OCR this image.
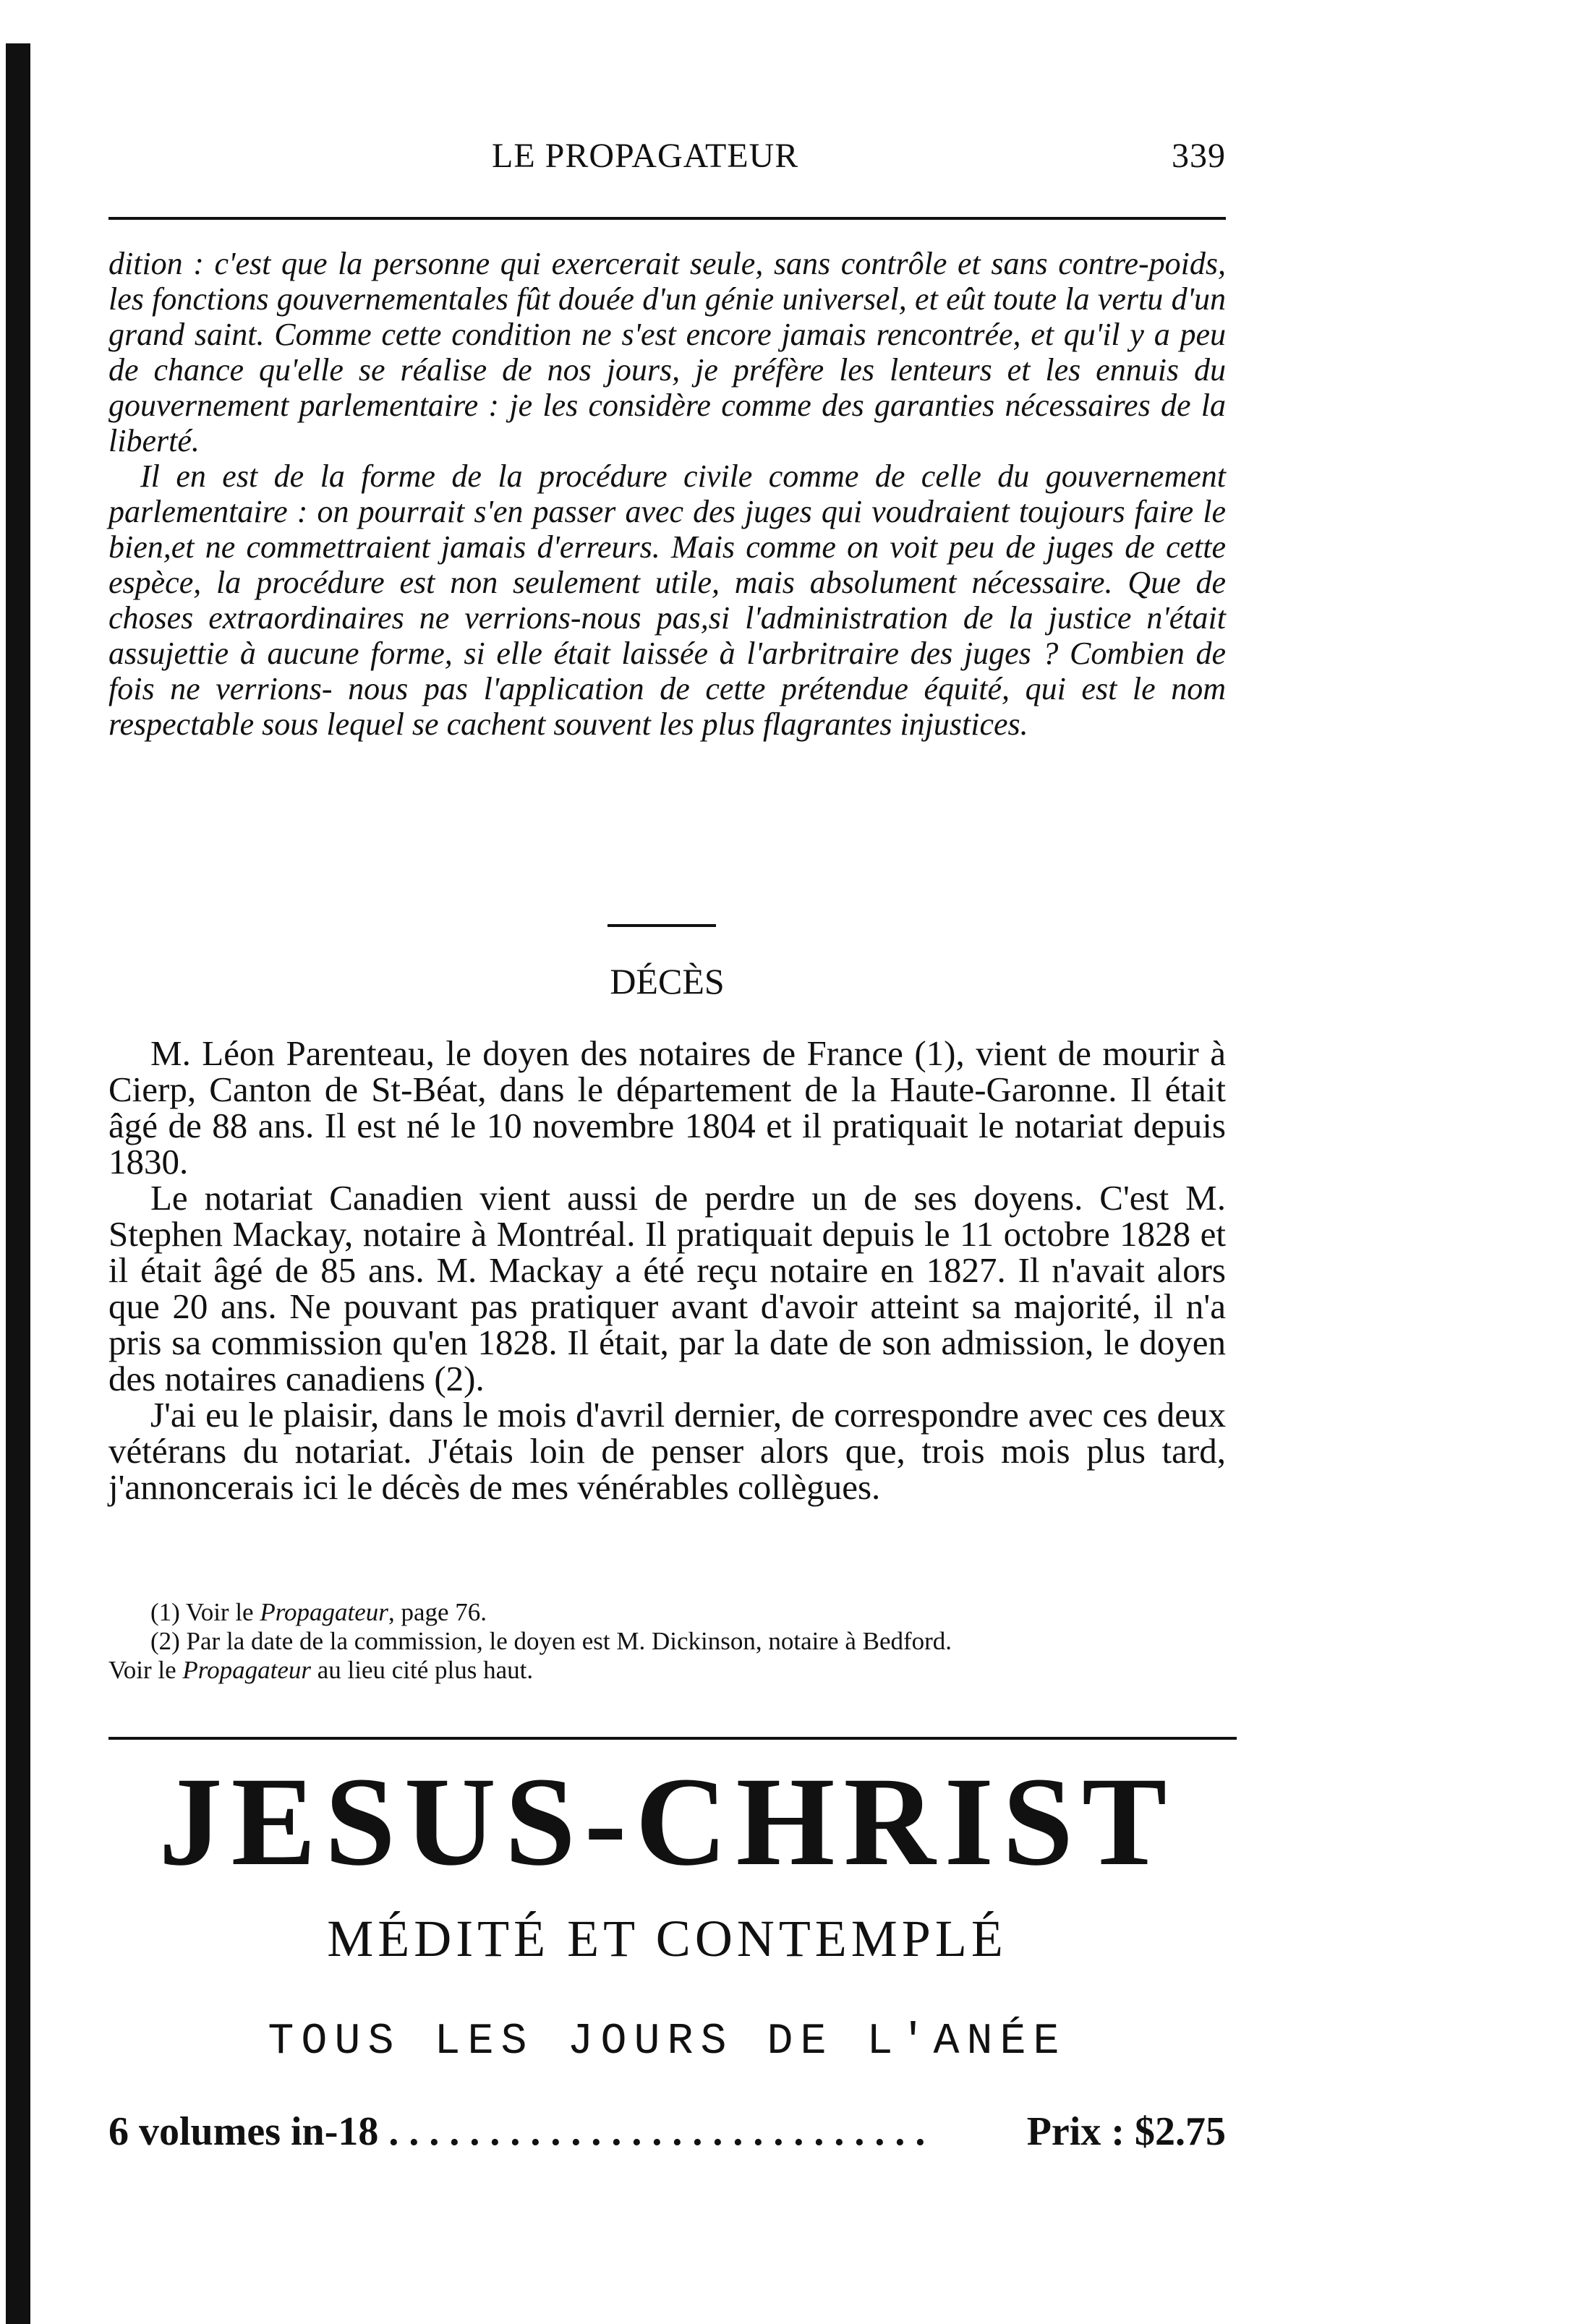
LE PROPAGATEUR	339

dition : c'est que la personne qui exercerait seule, sans contrôle et sans contre-poids, les fonctions gouvernementales fût douée d'un génie universel, et eût toute la vertu d'un grand saint. Comme cette condition ne s'est encore jamais rencontrée, et qu'il y a peu de chance qu'elle se réalise de nos jours, je préfère les lenteurs et les ennuis du gouvernement parlementaire : je les considère comme des garanties nécessaires de la liberté.

Il en est de la forme de la procédure civile comme de celle du gouvernement parlementaire : on pourrait s'en passer avec des juges qui voudraient toujours faire le bien,et ne commettraient jamais d'erreurs. Mais comme on voit peu de juges de cette espèce, la procédure est non seulement utile, mais absolument nécessaire. Que de choses extraordinaires ne verrions-nous pas,si l'administration de la justice n'était assujettie à aucune forme, si elle était laissée à l'arbritraire des juges ? Combien de fois ne verrions- nous pas l'application de cette prétendue équité, qui est le nom respectable sous lequel se cachent souvent les plus flagrantes injustices.

DÉCÈS

M. Léon Parenteau, le doyen des notaires de France (1), vient de mourir à Cierp, Canton de St-Béat, dans le département de la Haute-Garonne. Il était âgé de 88 ans. Il est né le 10 novembre 1804 et il pratiquait le notariat depuis 1830.

Le notariat Canadien vient aussi de perdre un de ses doyens. C'est M. Stephen Mackay, notaire à Montréal. Il pratiquait depuis le 11 octobre 1828 et il était âgé de 85 ans. M. Mackay a été reçu notaire en 1827. Il n'avait alors que 20 ans. Ne pouvant pas pratiquer avant d'avoir atteint sa majorité, il n'a pris sa commission qu'en 1828. Il était, par la date de son admission, le doyen des notaires canadiens (2).

J'ai eu le plaisir, dans le mois d'avril dernier, de correspondre avec ces deux vétérans du notariat. J'étais loin de penser alors que, trois mois plus tard, j'annoncerais ici le décès de mes vénérables collègues.

(1) Voir le Propagateur, page 76.

(2) Par la date de la commission, le doyen est M. Dickinson, notaire à Bedford.

Voir le Propagateur au lieu cité plus haut.

JESUS-CHRIST
MÉDITÉ ET CONTEMPLÉ
TOUS LES JOURS DE L'ANÉE
6 volumes in-18 ...........................	Prix : $2.75
